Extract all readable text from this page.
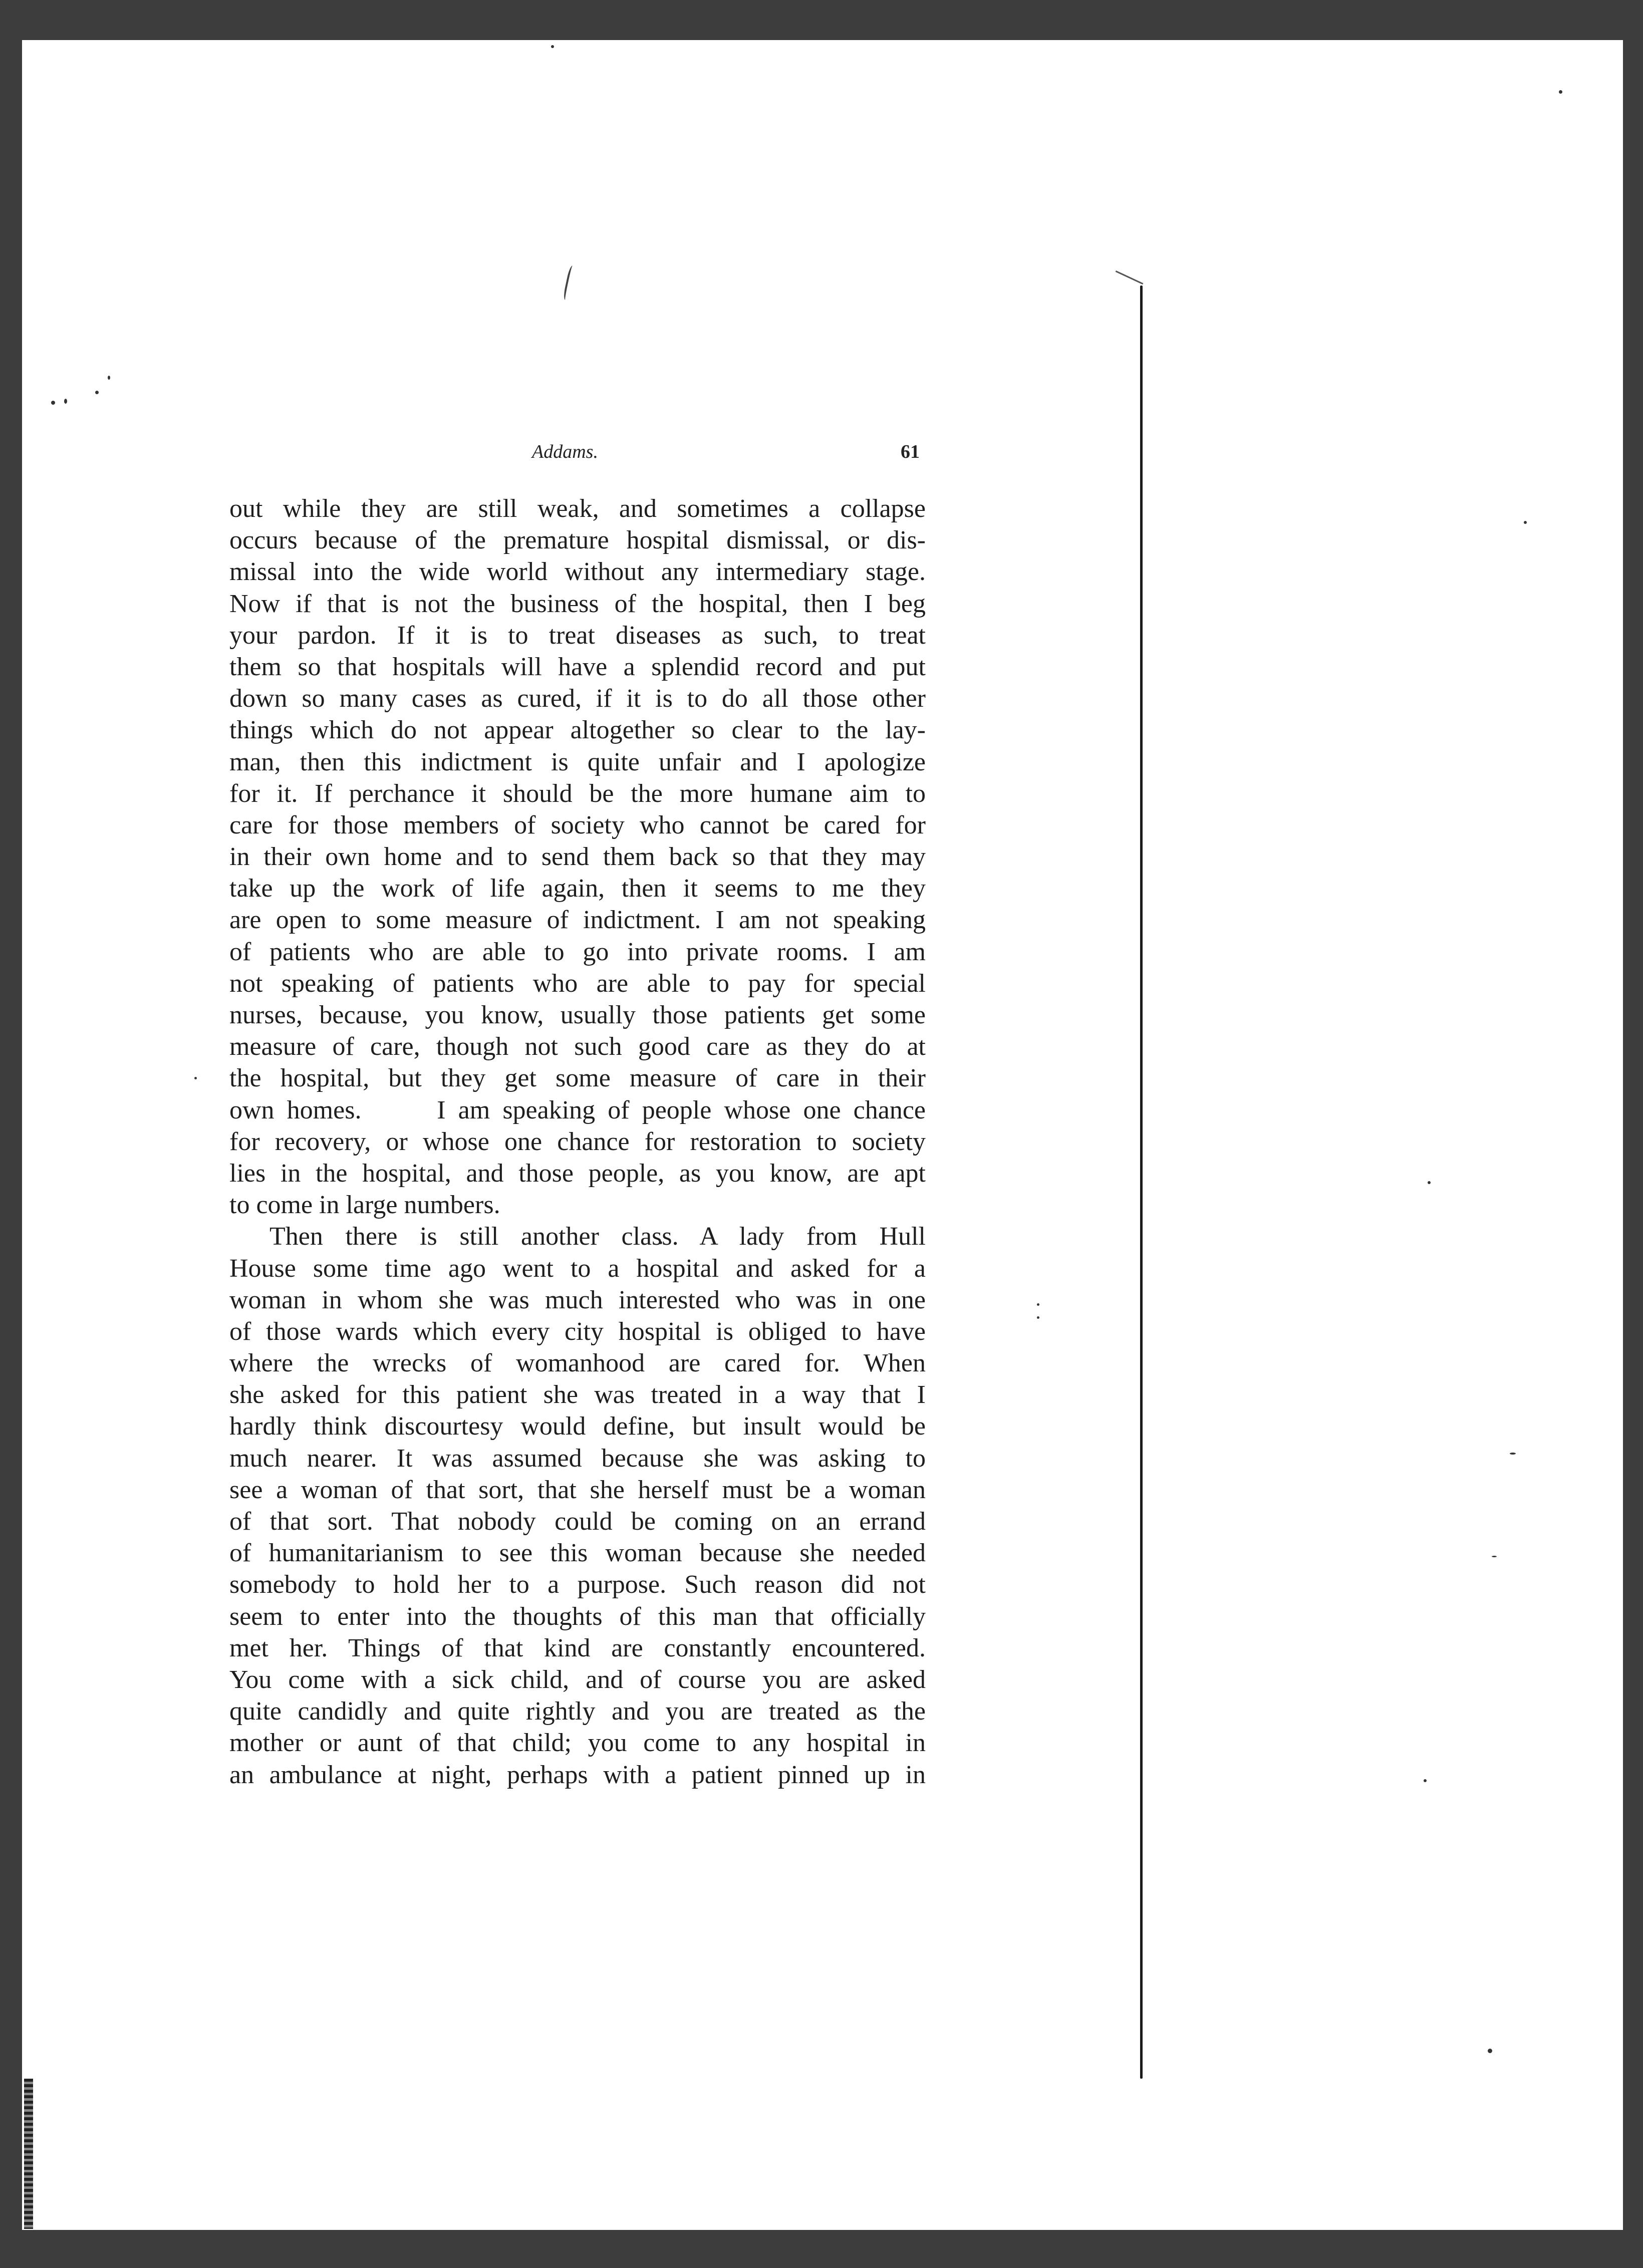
Addams.	61
out while they are still weak, and sometimes a collapse
occurs because of the premature hospital dismissal, or dis-
missal into the wide world without any intermediary stage.
Now if that is not the business of the hospital, then I beg
your pardon. If it is to treat diseases as such, to treat
them so that hospitals will have a splendid record and put
down so many cases as cured, if it is to do all those other
things which do not appear altogether so clear to the lay-
man, then this indictment is quite unfair and I apologize
for it. If perchance it should be the more humane aim to
care for those members of society who cannot be cared for
in their own home and to send them back so that they may
take up the work of life again, then it seems to me they
are open to some measure of indictment. I am not speaking
of patients who are able to go into private rooms. I am
not speaking of patients who are able to pay for special
nurses, because, you know, usually those patients get some
measure of care, though not such good care as they do at
the hospital, but they get some measure of care in their
own homes.      I am speaking of people whose one chance
for recovery, or whose one chance for restoration to society
lies in the hospital, and those people, as you know, are apt
to come in large numbers.
Then there is still another class. A lady from Hull
House some time ago went to a hospital and asked for a
woman in whom she was much interested who was in one
of those wards which every city hospital is obliged to have
where the wrecks of womanhood are cared for. When
she asked for this patient she was treated in a way that I
hardly think discourtesy would define, but insult would be
much nearer. It was assumed because she was asking to
see a woman of that sort, that she herself must be a woman
of that sort. That nobody could be coming on an errand
of humanitarianism to see this woman because she needed
somebody to hold her to a purpose. Such reason did not
seem to enter into the thoughts of this man that officially
met her. Things of that kind are constantly encountered.
You come with a sick child, and of course you are asked
quite candidly and quite rightly and you are treated as the
mother or aunt of that child; you come to any hospital in
an ambulance at night, perhaps with a patient pinned up in
